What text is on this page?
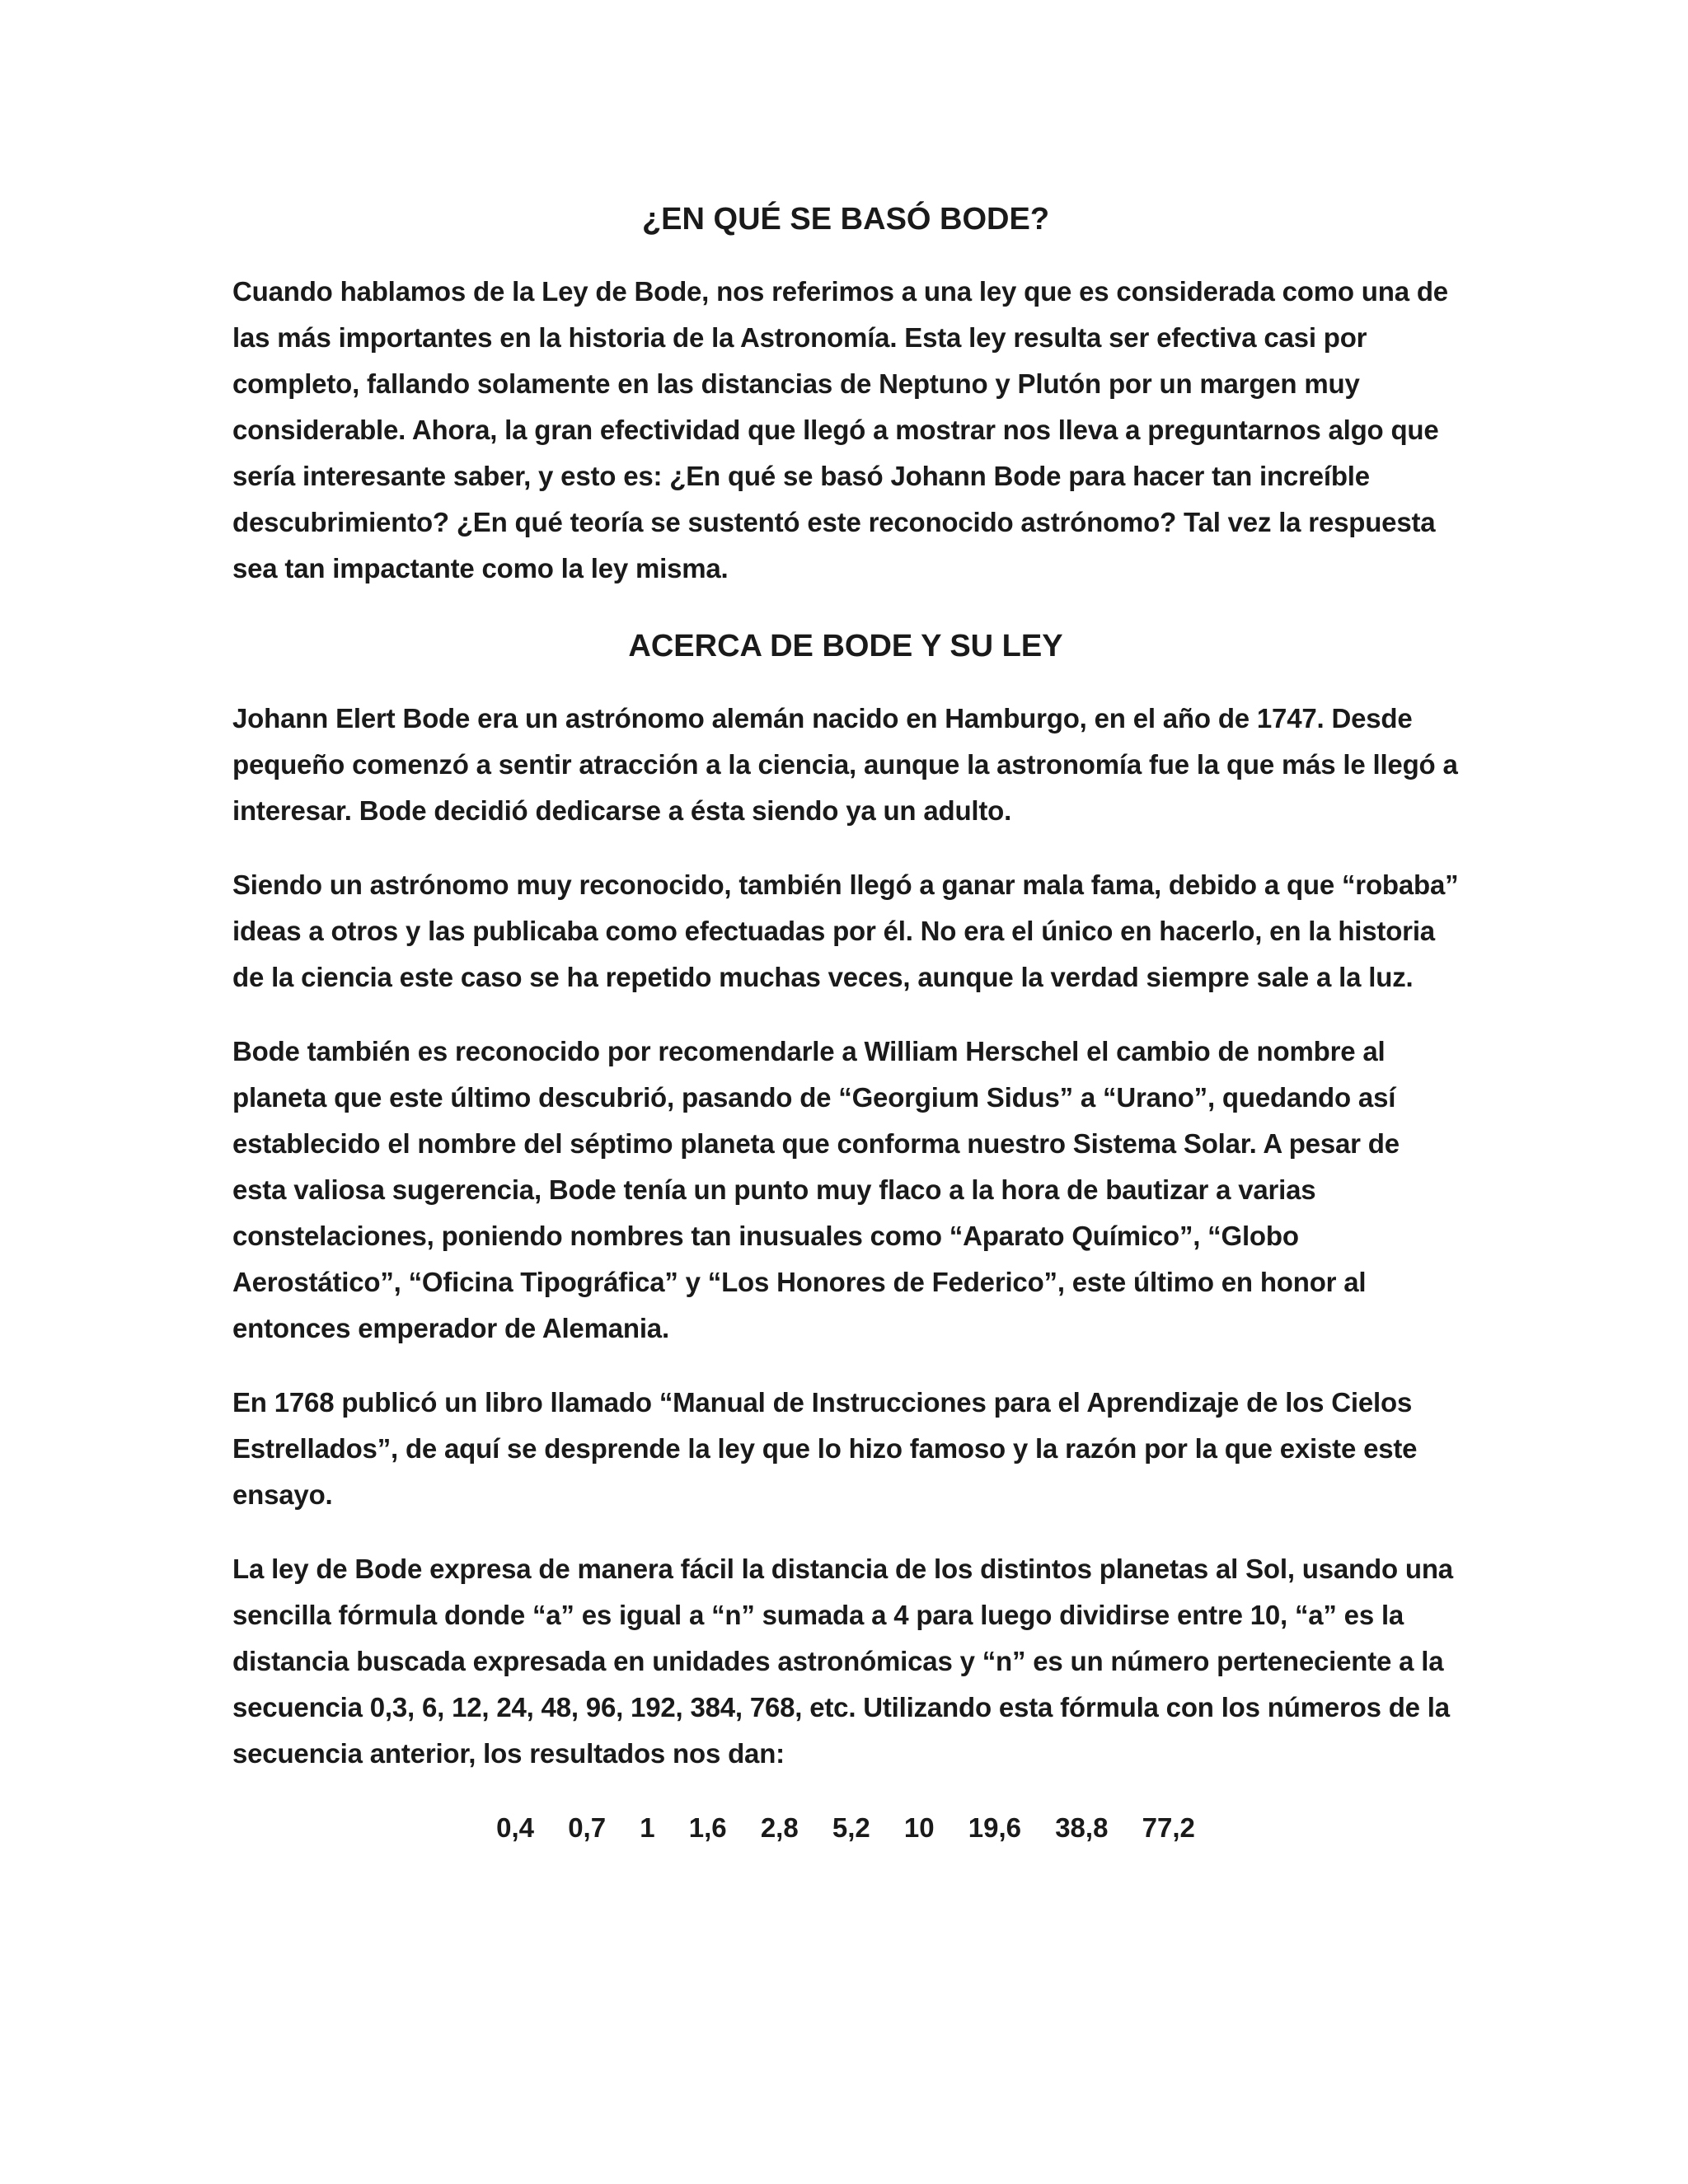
¿EN QUÉ SE BASÓ BODE?

Cuando hablamos de la Ley de Bode, nos referimos a una ley que es considerada como una de las más importantes en la historia de la Astronomía. Esta ley resulta ser efectiva casi por completo, fallando solamente en las distancias de Neptuno y Plutón por un margen muy considerable. Ahora, la gran efectividad que llegó a mostrar nos lleva a preguntarnos algo que sería interesante saber, y esto es: ¿En qué se basó Johann Bode para hacer tan increíble descubrimiento? ¿En qué teoría se sustentó este reconocido astrónomo? Tal vez la respuesta sea tan impactante como la ley misma.

ACERCA DE BODE Y SU LEY

Johann Elert Bode era un astrónomo alemán nacido en Hamburgo, en el año de 1747. Desde pequeño comenzó a sentir atracción a la ciencia, aunque la astronomía fue la que más le llegó a interesar. Bode decidió dedicarse a ésta siendo ya un adulto.

Siendo un astrónomo muy reconocido, también llegó a ganar mala fama, debido a que “robaba” ideas a otros y las publicaba como efectuadas por él. No era el único en hacerlo, en la historia de la ciencia este caso se ha repetido muchas veces, aunque la verdad siempre sale a la luz.

Bode también es reconocido por recomendarle a William Herschel el cambio de nombre al planeta que este último descubrió, pasando de “Georgium Sidus” a “Urano”, quedando así establecido el nombre del séptimo planeta que conforma nuestro Sistema Solar. A pesar de esta valiosa sugerencia, Bode tenía un punto muy flaco a la hora de bautizar a varias constelaciones, poniendo nombres tan inusuales como “Aparato Químico”, “Globo Aerostático”, “Oficina Tipográfica” y “Los Honores de Federico”, este último en honor al entonces emperador de Alemania.

En 1768 publicó un libro llamado “Manual de Instrucciones para el Aprendizaje de los Cielos Estrellados”, de aquí se desprende la ley que lo hizo famoso y la razón por la que existe este ensayo.

La ley de Bode expresa de manera fácil la distancia de los distintos planetas al Sol, usando una sencilla fórmula donde “a” es igual a “n” sumada a 4 para luego dividirse entre 10, “a” es la distancia buscada expresada en unidades astronómicas y “n” es un número perteneciente a la secuencia 0,3, 6, 12, 24, 48, 96, 192, 384, 768, etc. Utilizando esta fórmula con los números de la secuencia anterior, los resultados nos dan:

0,4 0,7 1 1,6 2,8 5,2 10 19,6 38,8 77,2
